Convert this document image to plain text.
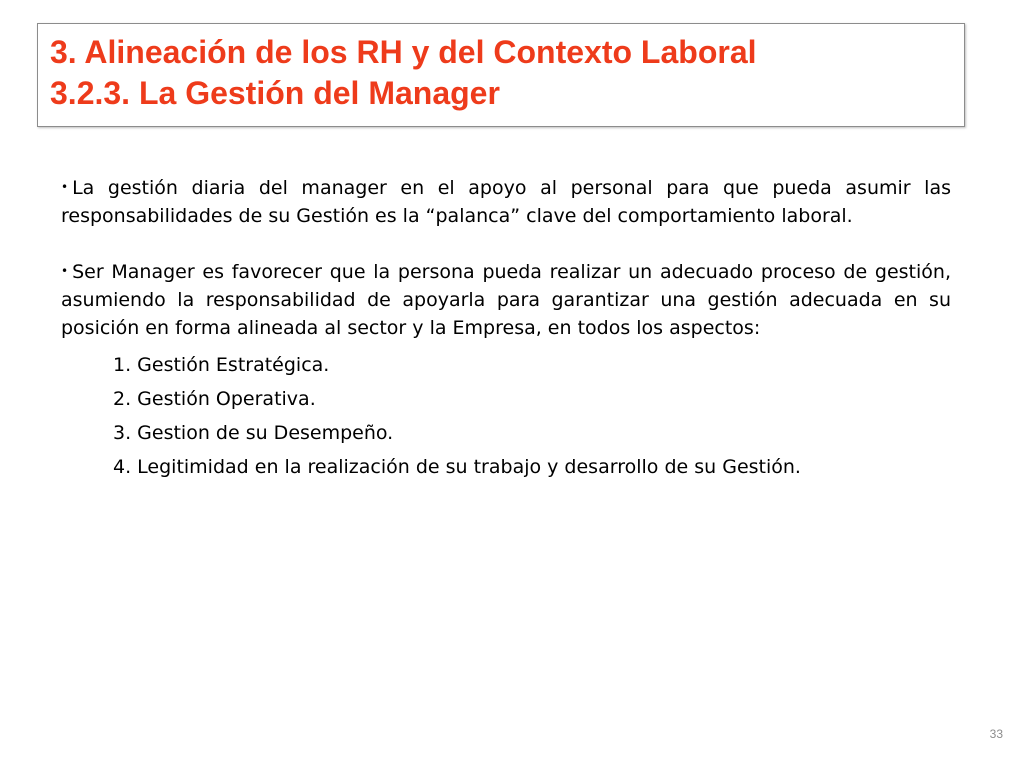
3. Alineación de los RH y del Contexto Laboral
3.2.3. La Gestión del Manager

• La gestión diaria del manager en el apoyo al personal para que pueda asumir las responsabilidades de su Gestión es la “palanca” clave del comportamiento laboral.

• Ser Manager es favorecer que la persona pueda realizar un adecuado proceso de gestión, asumiendo la responsabilidad de apoyarla para garantizar una gestión adecuada en su posición en forma alineada al sector y la Empresa, en todos los aspectos:

1. Gestión Estratégica.
2. Gestión Operativa.
3. Gestion de su Desempeño.
4. Legitimidad en la realización de su trabajo y desarrollo de su Gestión.
33
